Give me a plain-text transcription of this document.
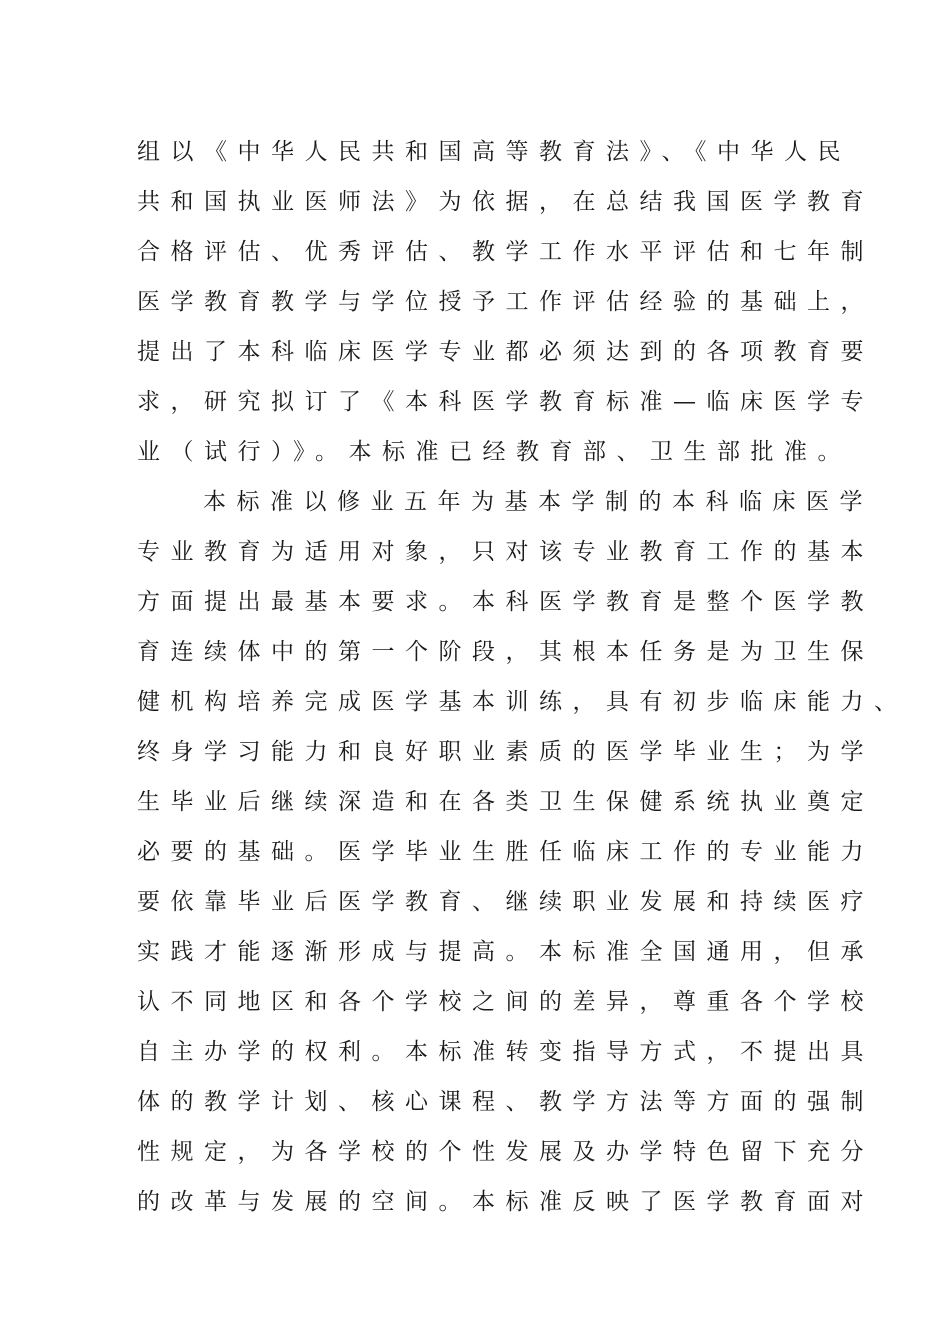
组以《中华人民共和国高等教育法》、《中华人民
共和国执业医师法》为依据，在总结我国医学教育
合格评估、优秀评估、教学工作水平评估和七年制
医学教育教学与学位授予工作评估经验的基础上，
提出了本科临床医学专业都必须达到的各项教育要
求，研究拟订了《本科医学教育标准—临床医学专
业（试行）》。本标准已经教育部、卫生部批准。
本标准以修业五年为基本学制的本科临床医学
专业教育为适用对象，只对该专业教育工作的基本
方面提出最基本要求。本科医学教育是整个医学教
育连续体中的第一个阶段，其根本任务是为卫生保
健机构培养完成医学基本训练，具有初步临床能力、
终身学习能力和良好职业素质的医学毕业生；为学
生毕业后继续深造和在各类卫生保健系统执业奠定
必要的基础。医学毕业生胜任临床工作的专业能力
要依靠毕业后医学教育、继续职业发展和持续医疗
实践才能逐渐形成与提高。本标准全国通用，但承
认不同地区和各个学校之间的差异，尊重各个学校
自主办学的权利。本标准转变指导方式，不提出具
体的教学计划、核心课程、教学方法等方面的强制
性规定，为各学校的个性发展及办学特色留下充分
的改革与发展的空间。本标准反映了医学教育面对
